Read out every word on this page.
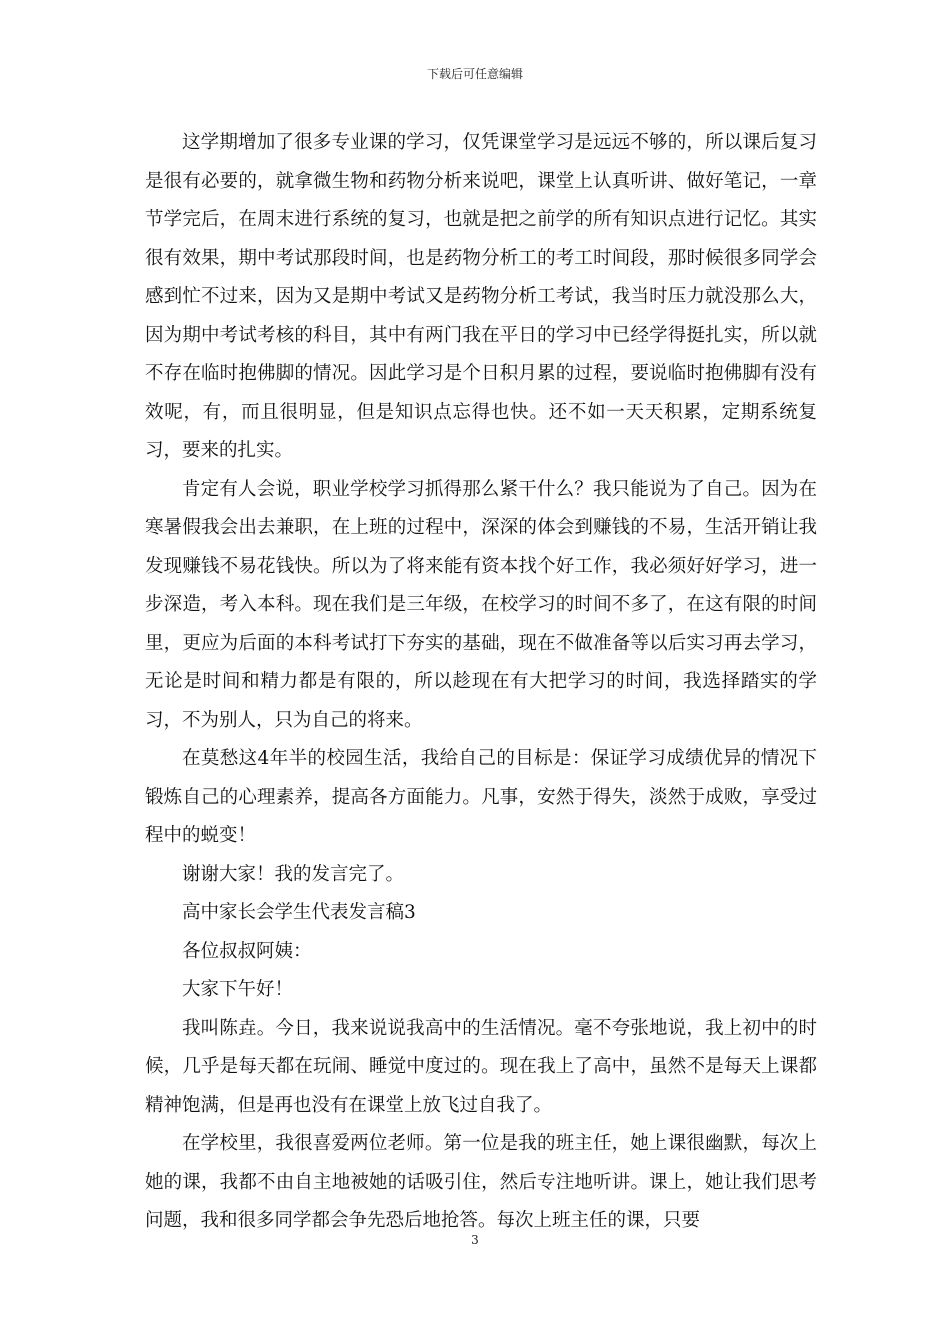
下载后可任意编辑

这学期增加了很多专业课的学习，仅凭课堂学习是远远不够的，所以课后复习是很有必要的，就拿微生物和药物分析来说吧，课堂上认真听讲、做好笔记，一章节学完后，在周末进行系统的复习，也就是把之前学的所有知识点进行记忆。其实很有效果，期中考试那段时间，也是药物分析工的考工时间段，那时候很多同学会感到忙不过来，因为又是期中考试又是药物分析工考试，我当时压力就没那么大，因为期中考试考核的科目，其中有两门我在平日的学习中已经学得挺扎实，所以就不存在临时抱佛脚的情况。因此学习是个日积月累的过程，要说临时抱佛脚有没有效呢，有，而且很明显，但是知识点忘得也快。还不如一天天积累，定期系统复习，要来的扎实。

肯定有人会说，职业学校学习抓得那么紧干什么？我只能说为了自己。因为在寒暑假我会出去兼职，在上班的过程中，深深的体会到赚钱的不易，生活开销让我发现赚钱不易花钱快。所以为了将来能有资本找个好工作，我必须好好学习，进一步深造，考入本科。现在我们是三年级，在校学习的时间不多了，在这有限的时间里，更应为后面的本科考试打下夯实的基础，现在不做准备等以后实习再去学习，无论是时间和精力都是有限的，所以趁现在有大把学习的时间，我选择踏实的学习，不为别人，只为自己的将来。

在莫愁这4年半的校园生活，我给自己的目标是：保证学习成绩优异的情况下锻炼自己的心理素养，提高各方面能力。凡事，安然于得失，淡然于成败，享受过程中的蜕变！

谢谢大家！我的发言完了。

高中家长会学生代表发言稿3

各位叔叔阿姨：

大家下午好！

我叫陈垚。今日，我来说说我高中的生活情况。毫不夸张地说，我上初中的时候，几乎是每天都在玩闹、睡觉中度过的。现在我上了高中，虽然不是每天上课都精神饱满，但是再也没有在课堂上放飞过自我了。

在学校里，我很喜爱两位老师。第一位是我的班主任，她上课很幽默，每次上她的课，我都不由自主地被她的话吸引住，然后专注地听讲。课上，她让我们思考问题，我和很多同学都会争先恐后地抢答。每次上班主任的课，只要

3
